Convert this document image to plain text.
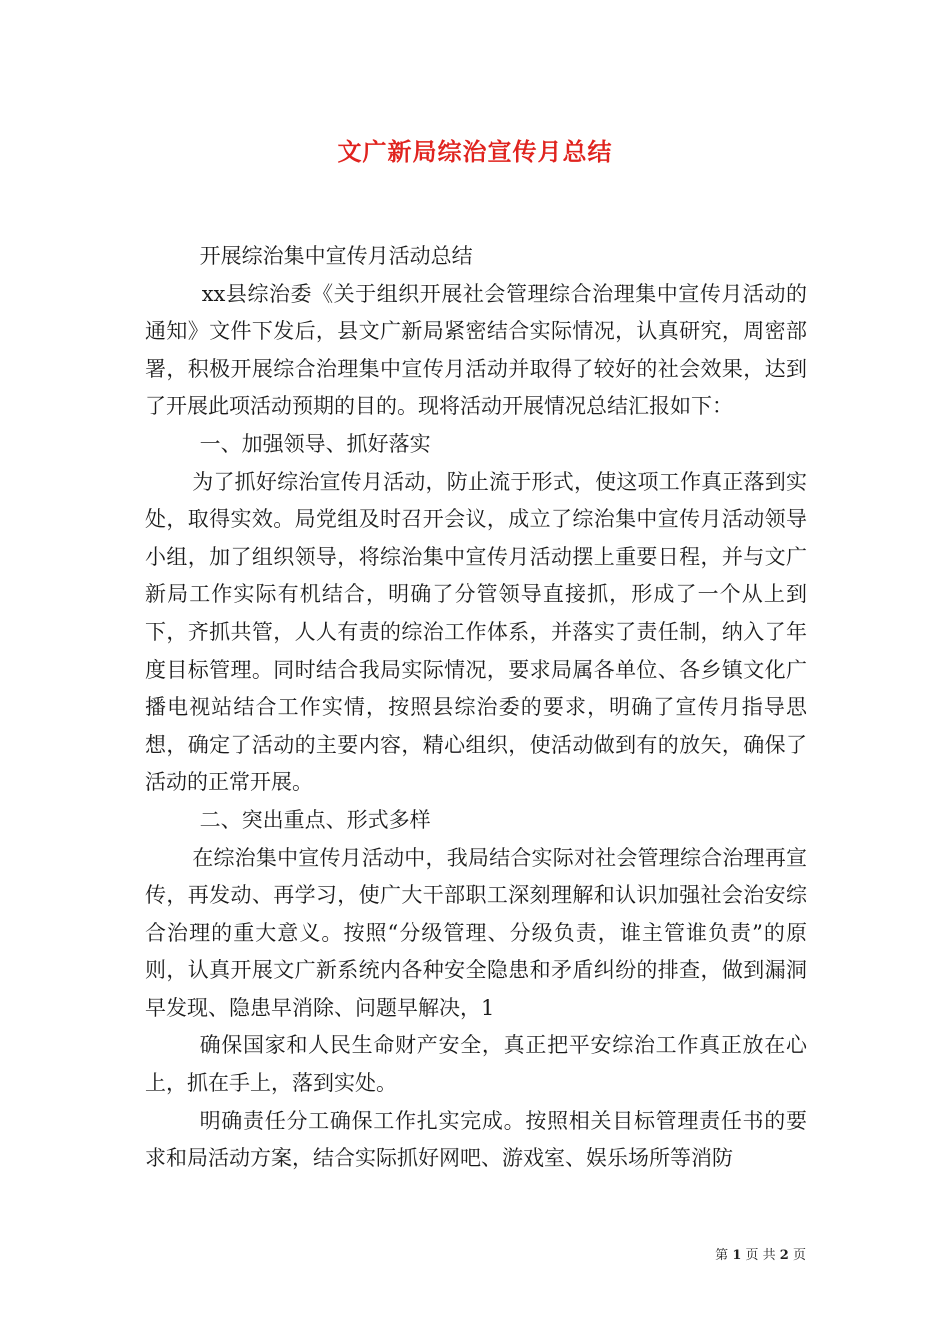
文广新局综治宣传月总结

开展综治集中宣传月活动总结

xx县综治委《关于组织开展社会管理综合治理集中宣传月活动的通知》文件下发后，县文广新局紧密结合实际情况，认真研究，周密部署，积极开展综合治理集中宣传月活动并取得了较好的社会效果，达到了开展此项活动预期的目的。现将活动开展情况总结汇报如下：

一、加强领导、抓好落实

为了抓好综治宣传月活动，防止流于形式，使这项工作真正落到实处，取得实效。局党组及时召开会议，成立了综治集中宣传月活动领导小组，加了组织领导，将综治集中宣传月活动摆上重要日程，并与文广新局工作实际有机结合，明确了分管领导直接抓，形成了一个从上到下，齐抓共管，人人有责的综治工作体系，并落实了责任制，纳入了年度目标管理。同时结合我局实际情况，要求局属各单位、各乡镇文化广播电视站结合工作实情，按照县综治委的要求，明确了宣传月指导思想，确定了活动的主要内容，精心组织，使活动做到有的放矢，确保了活动的正常开展。

二、突出重点、形式多样

在综治集中宣传月活动中，我局结合实际对社会管理综合治理再宣传，再发动、再学习，使广大干部职工深刻理解和认识加强社会治安综合治理的重大意义。按照“分级管理、分级负责，谁主管谁负责”的原则，认真开展文广新系统内各种安全隐患和矛盾纠纷的排查，做到漏洞早发现、隐患早消除、问题早解决，1

确保国家和人民生命财产安全，真正把平安综治工作真正放在心上，抓在手上，落到实处。

明确责任分工确保工作扎实完成。按照相关目标管理责任书的要求和局活动方案，结合实际抓好网吧、游戏室、娱乐场所等消防

第 1 页 共 2 页
